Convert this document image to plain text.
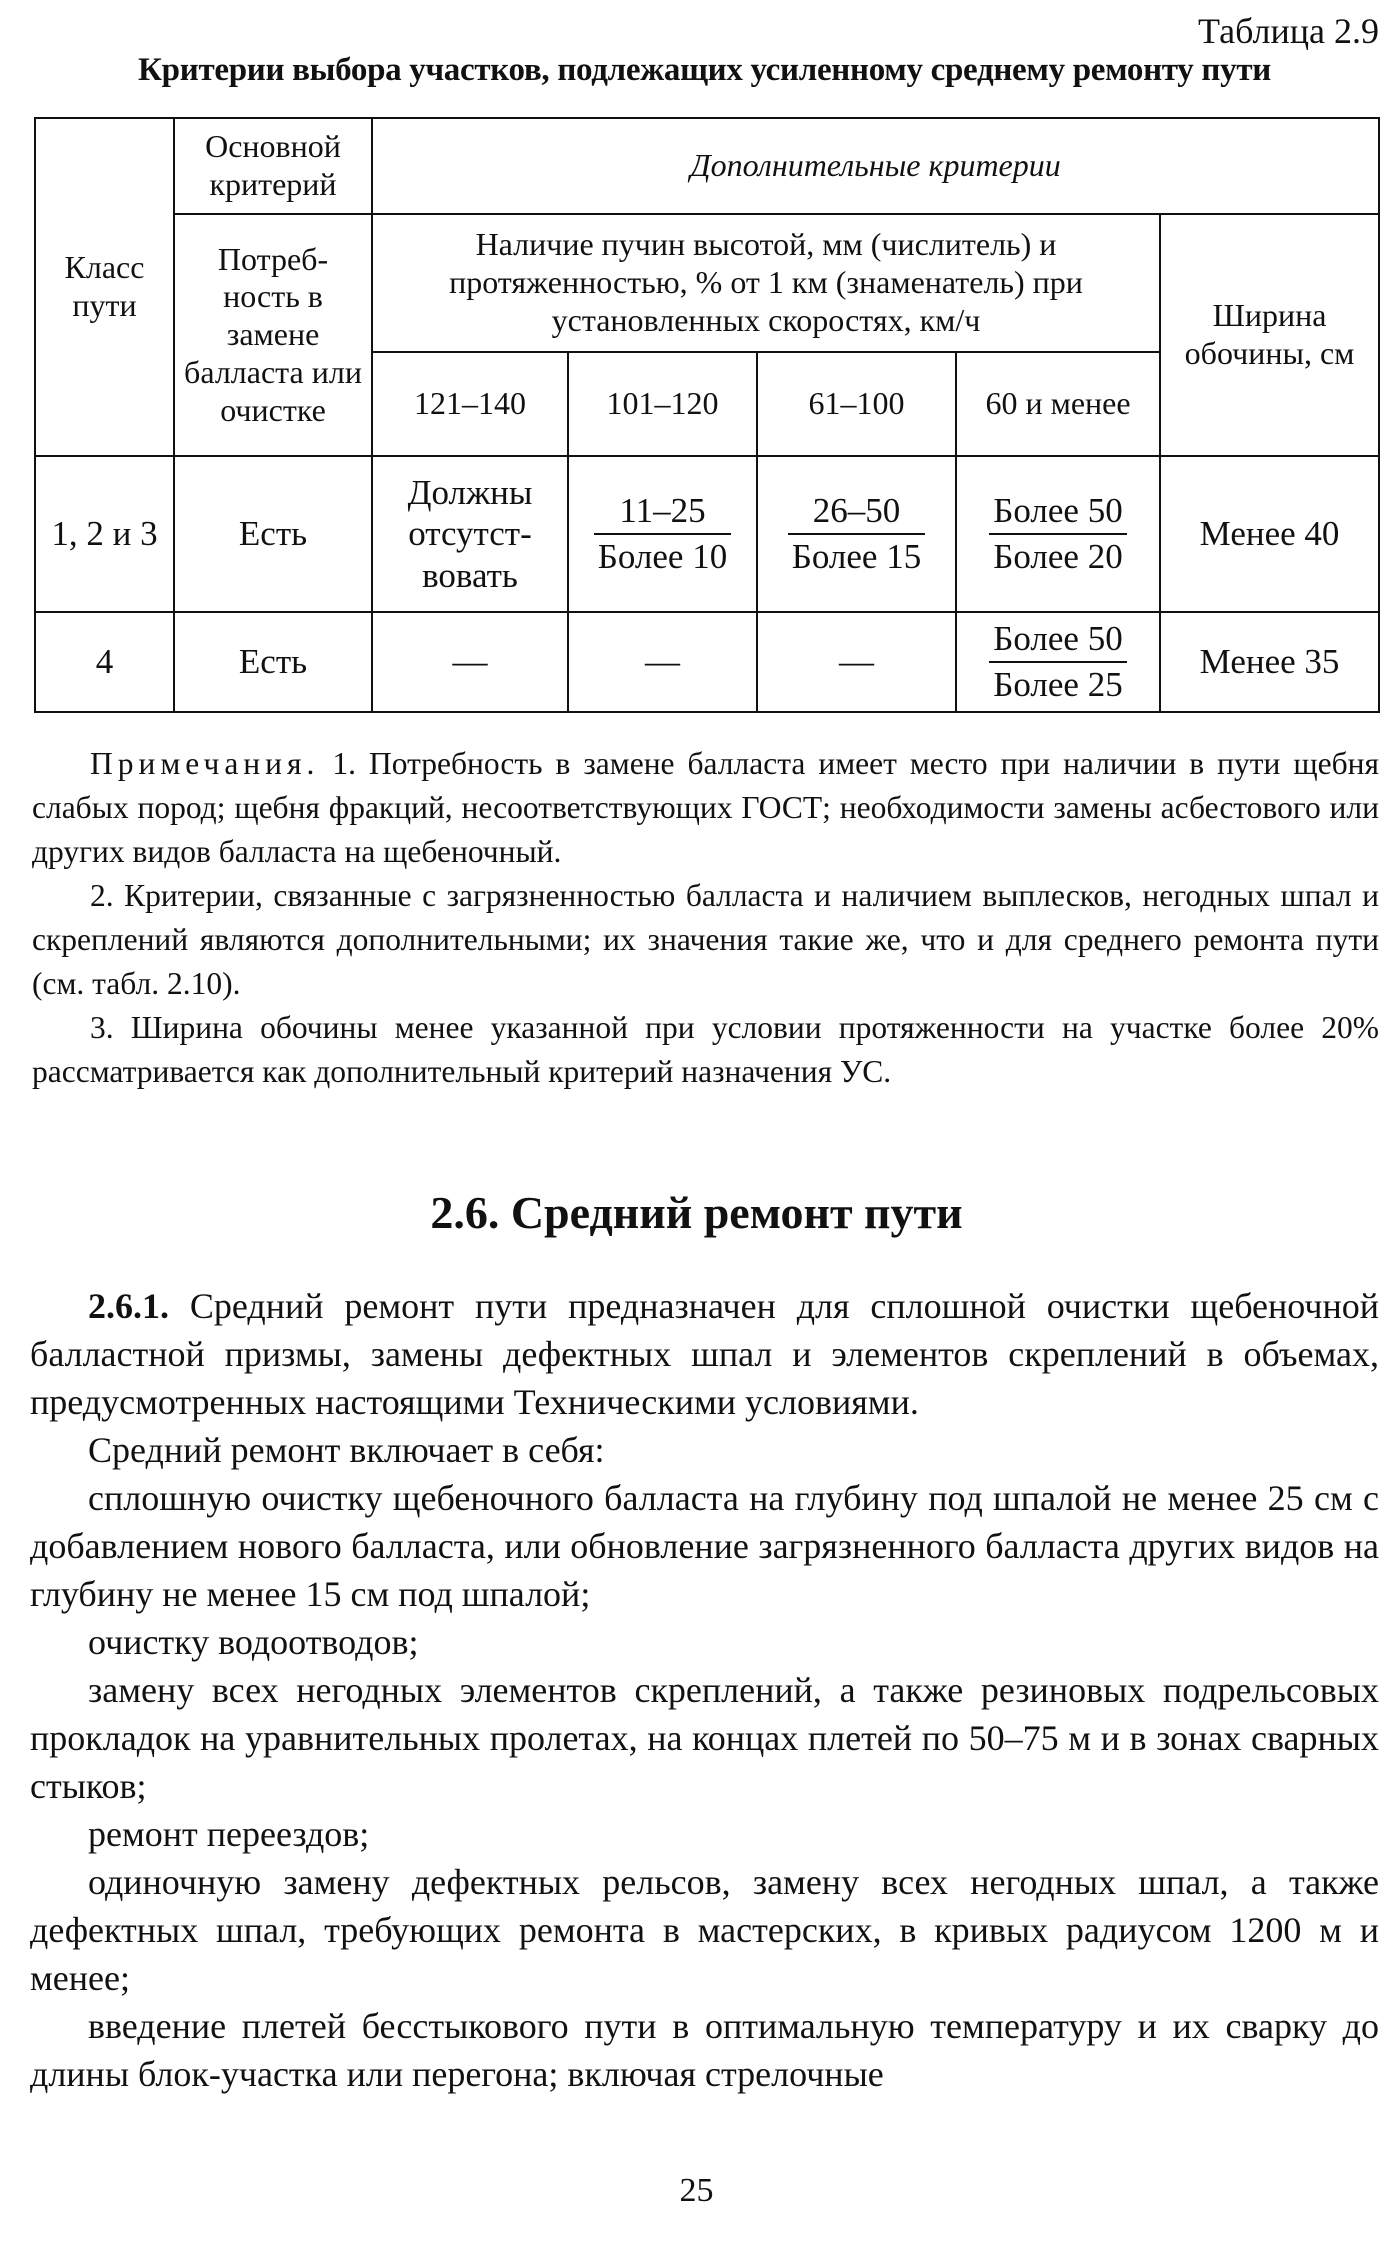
Таблица 2.9
Критерии выбора участков, подлежащих усиленному среднему ремонту пути
Класс пути	Основной критерий	Дополнительные критерии				
	Потреб- ность в замене балласта или очистке	Наличие пучин высотой, мм (числитель) и протяженностью, % от 1 км (знаменатель) при установленных скоростях, км/ч				Ширина обочины, см
		121–140	101–120	61–100	60 и менее	
1, 2 и 3	Есть	Должны отсутст- вовать	$\frac{11-25}{\text{Более 10}}$	$\frac{26-50}{\text{Более 15}}$	$\frac{\text{Более 50}}{\text{Более 20}}$	Менее 40
4	Есть	—	—	—	$\frac{\text{Более 50}}{\text{Более 25}}$	Менее 35

Примечания. 1. Потребность в замене балласта имеет место при наличии в пути щебня слабых пород; щебня фракций, несоответствующих ГОСТ; необходимости замены асбестового или других видов балласта на щебеночный.

2. Критерии, связанные с загрязненностью балласта и наличием выплесков, негодных шпал и скреплений являются дополнительными; их значения такие же, что и для среднего ремонта пути (см. табл. 2.10).

3. Ширина обочины менее указанной при условии протяженности на участке более 20% рассматривается как дополнительный критерий назначения УС.

2.6. Средний ремонт пути

2.6.1. Средний ремонт пути предназначен для сплошной очистки щебеночной балластной призмы, замены дефектных шпал и элементов скреплений в объемах, предусмотренных настоящими Техническими условиями.

Средний ремонт включает в себя:

сплошную очистку щебеночного балласта на глубину под шпалой не менее 25 см с добавлением нового балласта, или обновление загрязненного балласта других видов на глубину не менее 15 см под шпалой;

очистку водоотводов;

замену всех негодных элементов скреплений, а также резиновых подрельсовых прокладок на уравнительных пролетах, на концах плетей по 50–75 м и в зонах сварных стыков;

ремонт переездов;

одиночную замену дефектных рельсов, замену всех негодных шпал, а также дефектных шпал, требующих ремонта в мастерских, в кривых радиусом 1200 м и менее;

введение плетей бесстыкового пути в оптимальную температуру и их сварку до длины блок-участка или перегона; включая стрелочные

25
